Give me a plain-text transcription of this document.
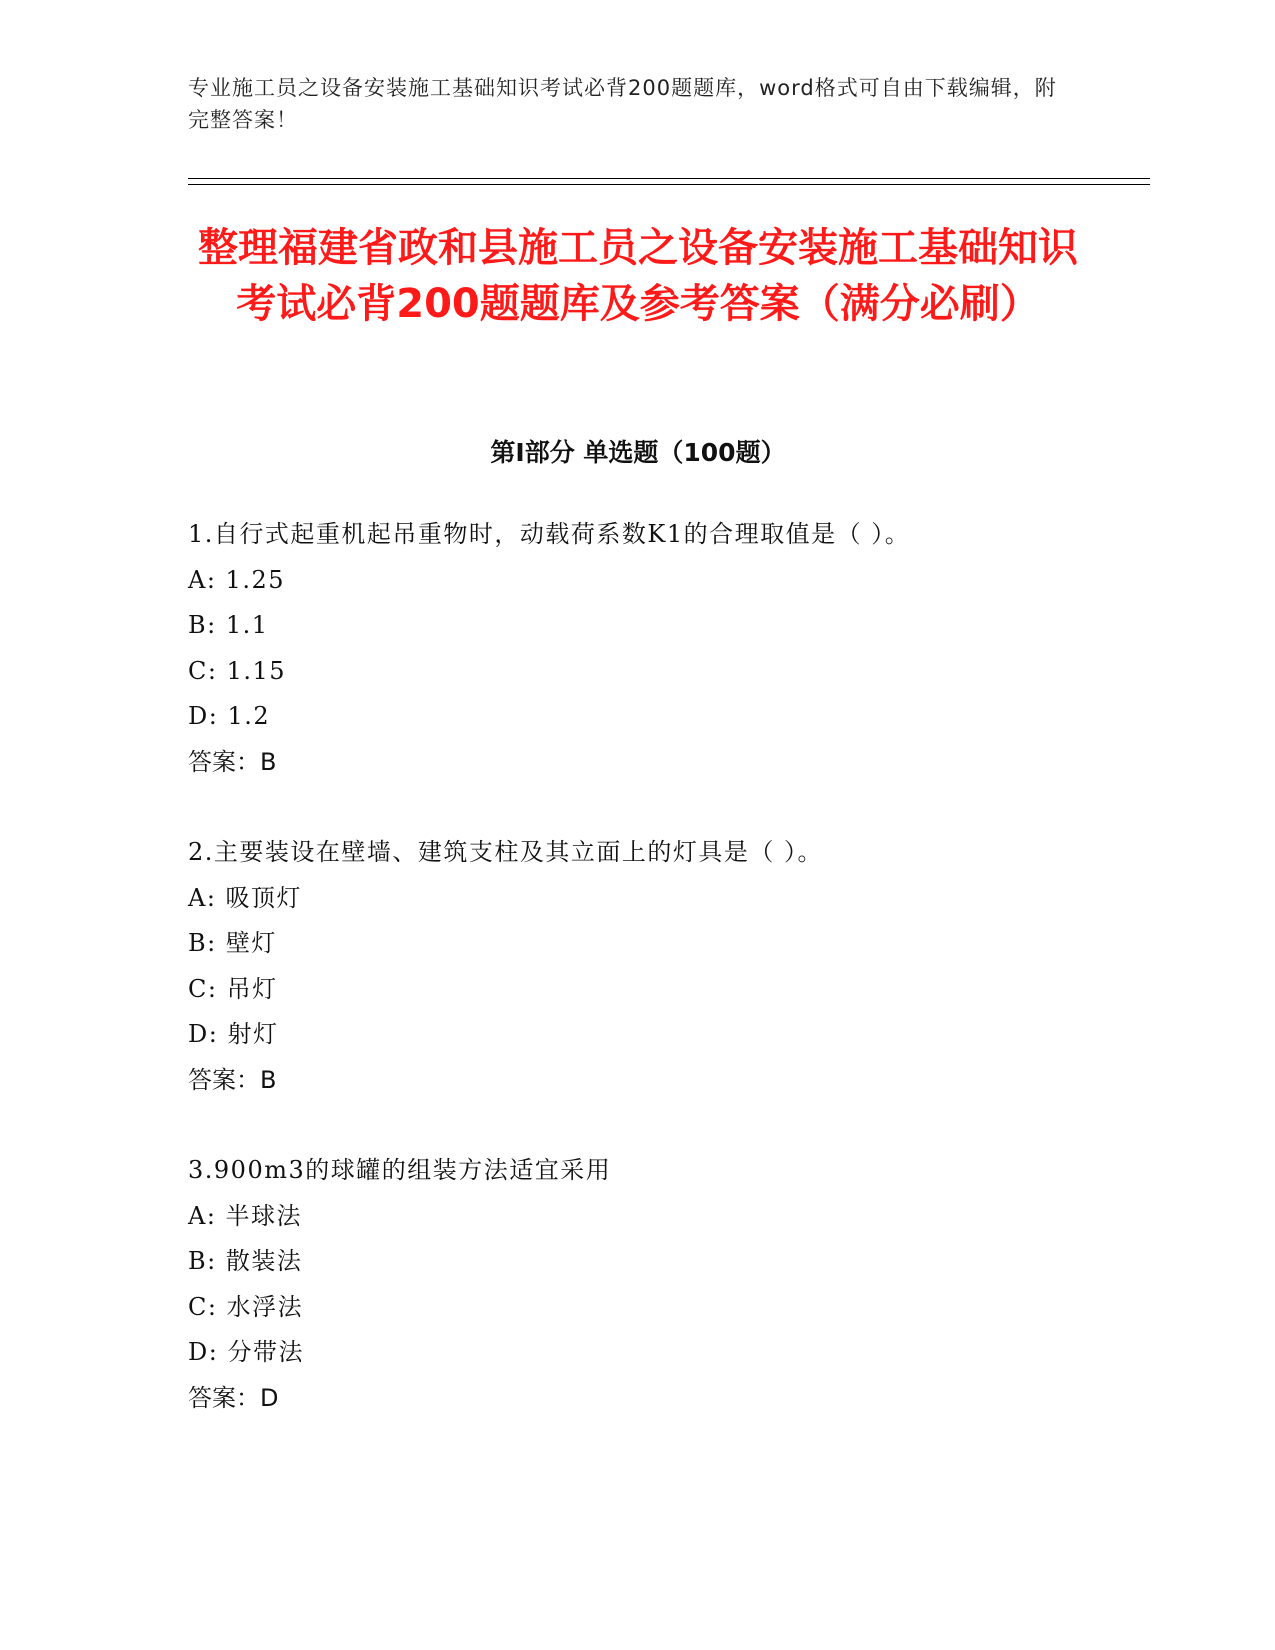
专业施工员之设备安装施工基础知识考试必背200题题库，word格式可自由下载编辑，附完整答案！
整理福建省政和县施工员之设备安装施工基础知识考试必背200题题库及参考答案（满分必刷）
第I部分 单选题（100题）
1.自行式起重机起吊重物时，动载荷系数K1的合理取值是（ ）。
A: 1.25
B: 1.1
C: 1.15
D: 1.2
答案：B
2.主要装设在壁墙、建筑支柱及其立面上的灯具是（ ）。
A: 吸顶灯
B: 壁灯
C: 吊灯
D: 射灯
答案：B
3.900m3的球罐的组装方法适宜采用
A: 半球法
B: 散装法
C: 水浮法
D: 分带法
答案：D
